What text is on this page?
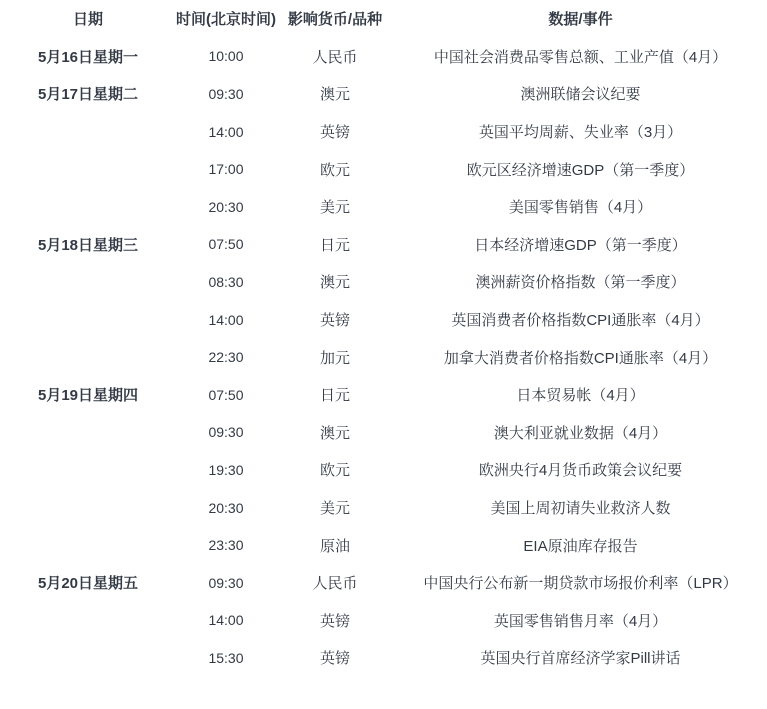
日期	时间(北京时间)	影响货币/品种	数据/事件
5月16日星期一	10:00	人民币	中国社会消费品零售总额、工业产值（4月）
5月17日星期二	09:30	澳元	澳洲联储会议纪要
	14:00	英镑	英国平均周薪、失业率（3月）
	17:00	欧元	欧元区经济增速GDP（第一季度）
	20:30	美元	美国零售销售（4月）
5月18日星期三	07:50	日元	日本经济增速GDP（第一季度）
	08:30	澳元	澳洲薪资价格指数（第一季度）
	14:00	英镑	英国消费者价格指数CPI通胀率（4月）
	22:30	加元	加拿大消费者价格指数CPI通胀率（4月）
5月19日星期四	07:50	日元	日本贸易帐（4月）
	09:30	澳元	澳大利亚就业数据（4月）
	19:30	欧元	欧洲央行4月货币政策会议纪要
	20:30	美元	美国上周初请失业救济人数
	23:30	原油	EIA原油库存报告
5月20日星期五	09:30	人民币	中国央行公布新一期贷款市场报价利率（LPR）
	14:00	英镑	英国零售销售月率（4月）
	15:30	英镑	英国央行首席经济学家Pill讲话
